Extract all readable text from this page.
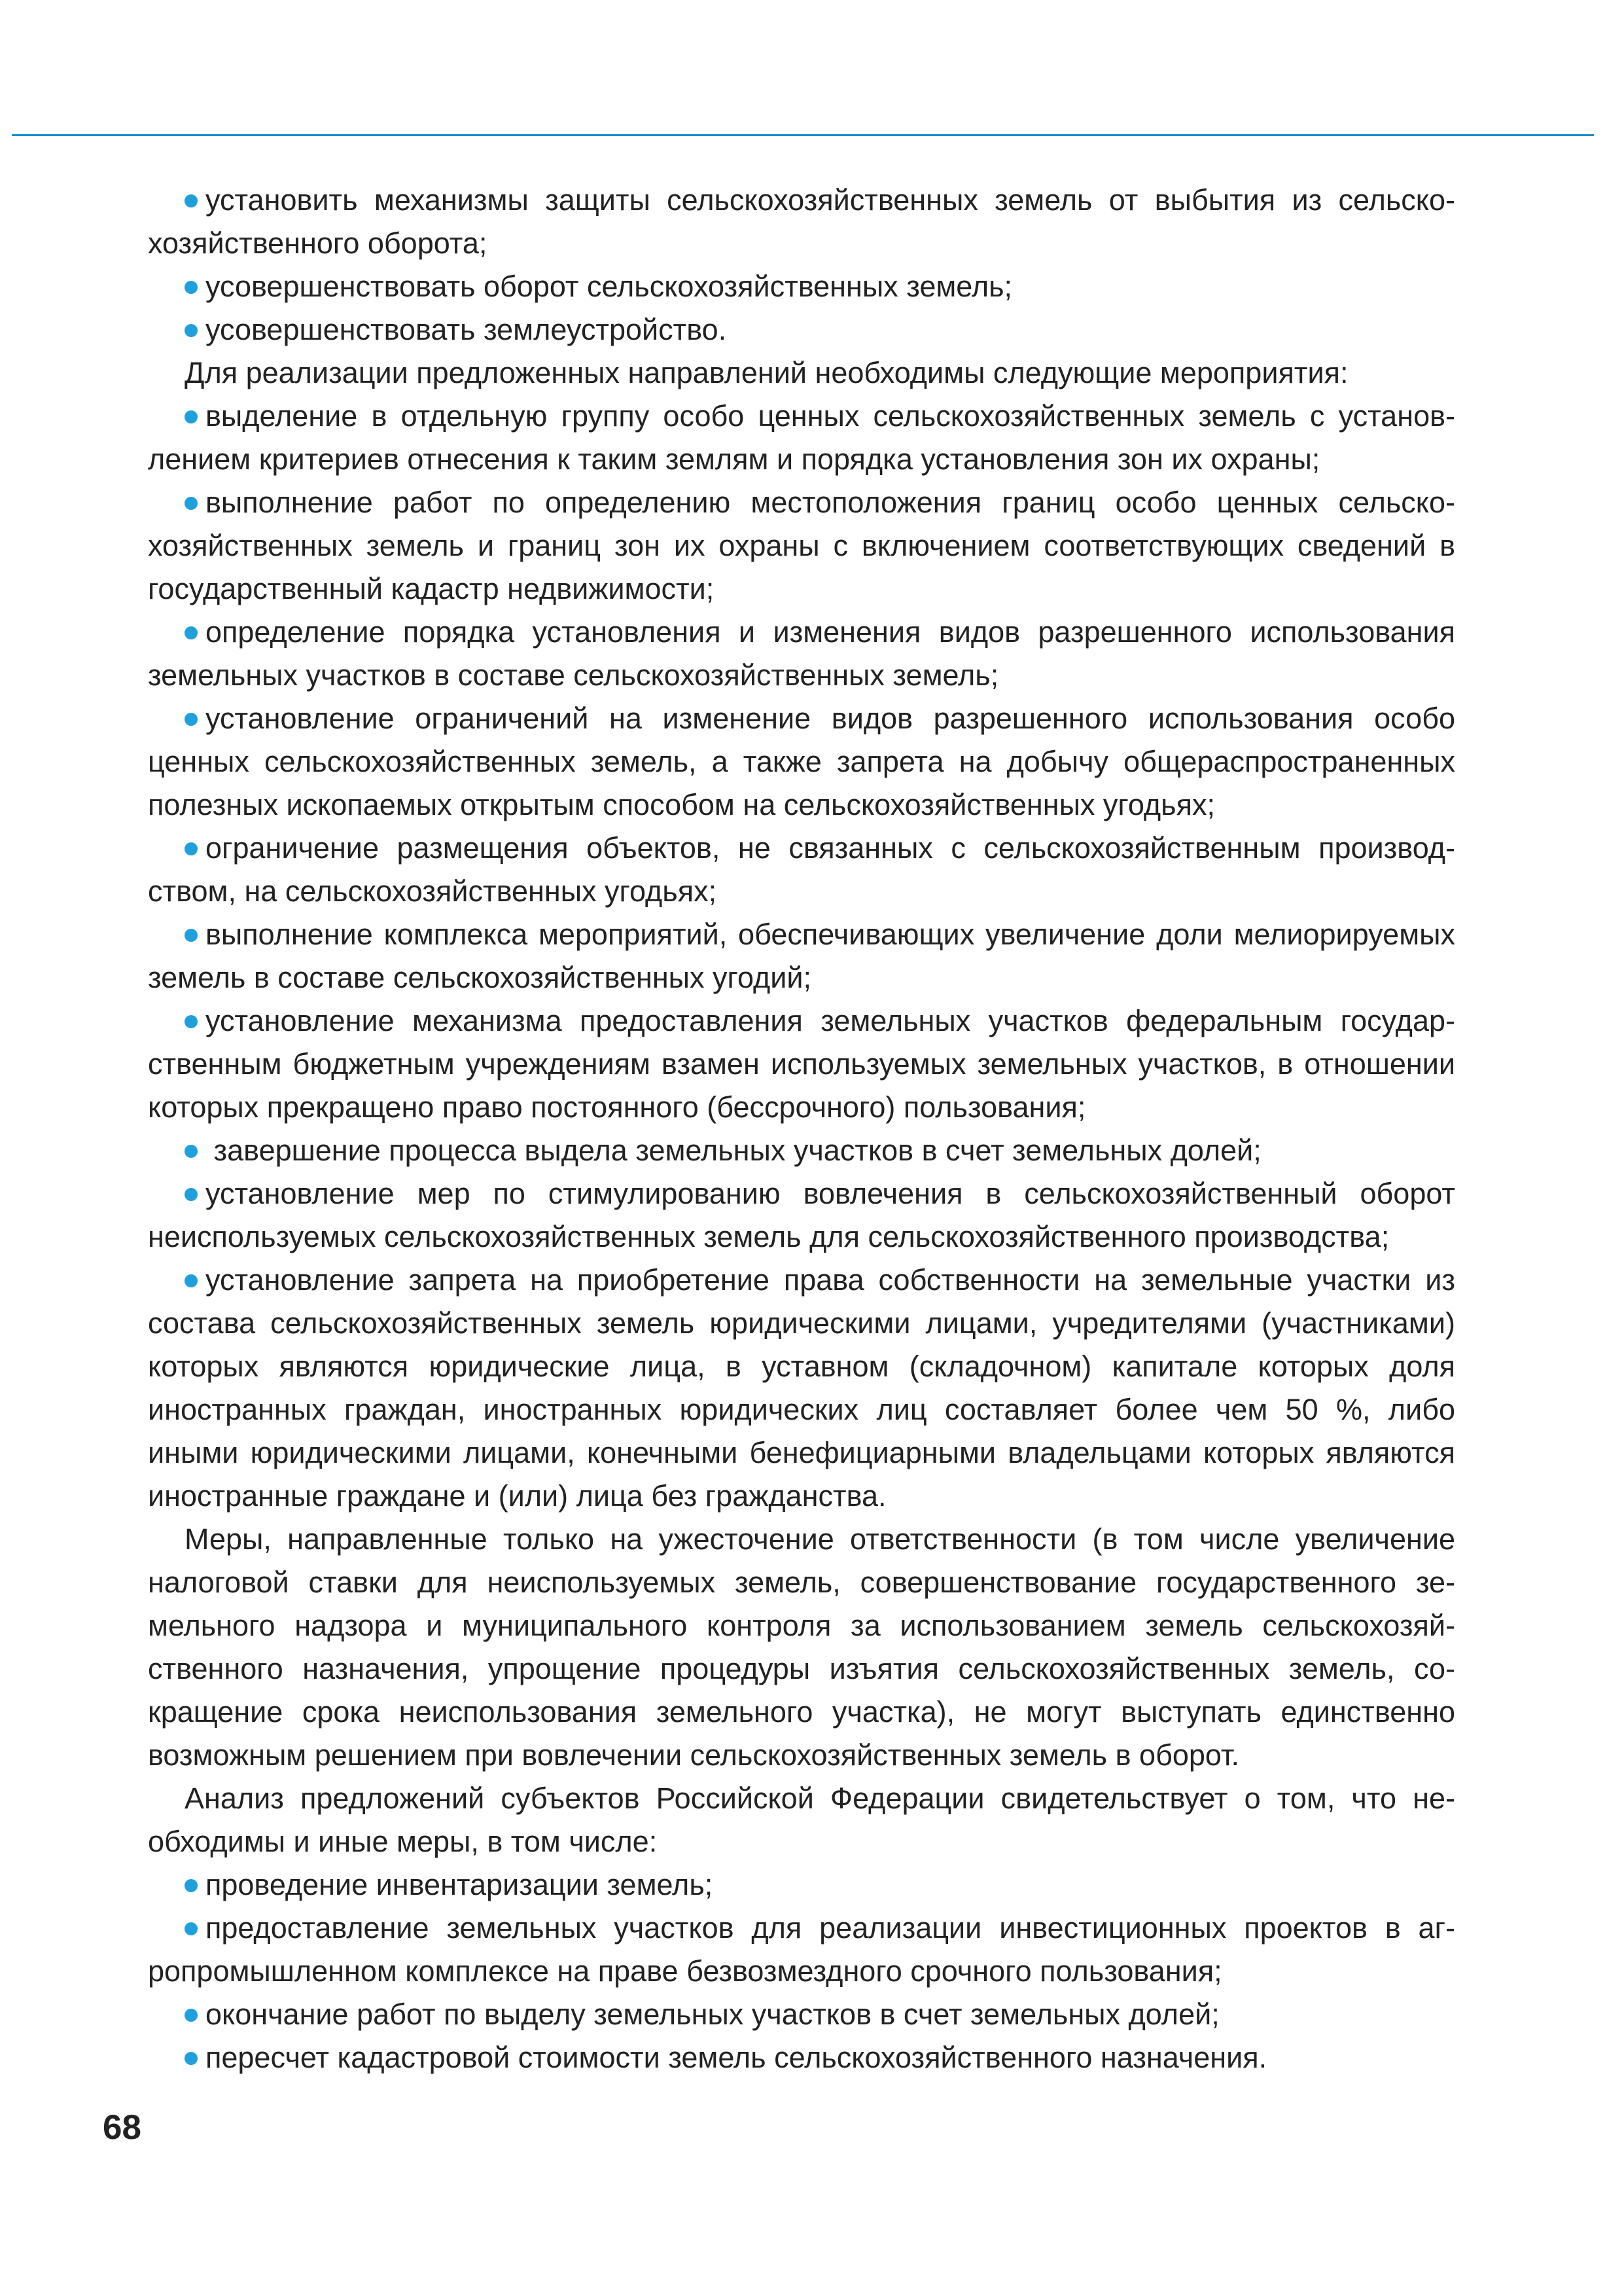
установить механизмы защиты сельскохозяйственных земель от выбытия из сельскохозяйственного оборота;

усовершенствовать оборот сельскохозяйственных земель;

усовершенствовать землеустройство.

Для реализации предложенных направлений необходимы следующие мероприятия:

выделение в отдельную группу особо ценных сельскохозяйственных земель с установлением критериев отнесения к таким землям и порядка установления зон их охраны;

выполнение работ по определению местоположения границ особо ценных сельскохозяйственных земель и границ зон их охраны с включением соответствующих сведений в государственный кадастр недвижимости;

определение порядка установления и изменения видов разрешенного использования земельных участков в составе сельскохозяйственных земель;

установление ограничений на изменение видов разрешенного использования особо ценных сельскохозяйственных земель, а также запрета на добычу общераспространенных полезных ископаемых открытым способом на сельскохозяйственных угодьях;

ограничение размещения объектов, не связанных с сельскохозяйственным производством, на сельскохозяйственных угодьях;

выполнение комплекса мероприятий, обеспечивающих увеличение доли мелиорируемых земель в составе сельскохозяйственных угодий;

установление механизма предоставления земельных участков федеральным государственным бюджетным учреждениям взамен используемых земельных участков, в отношении которых прекращено право постоянного (бессрочного) пользования;

завершение процесса выдела земельных участков в счет земельных долей;

установление мер по стимулированию вовлечения в сельскохозяйственный оборот неиспользуемых сельскохозяйственных земель для сельскохозяйственного производства;

установление запрета на приобретение права собственности на земельные участки из состава сельскохозяйственных земель юридическими лицами, учредителями (участниками) которых являются юридические лица, в уставном (складочном) капитале которых доля иностранных граждан, иностранных юридических лиц составляет более чем 50 %, либо иными юридическими лицами, конечными бенефициарными владельцами которых являются иностранные граждане и (или) лица без гражданства.

Меры, направленные только на ужесточение ответственности (в том числе увеличение налоговой ставки для неиспользуемых земель, совершенствование государственного земельного надзора и муниципального контроля за использованием земель сельскохозяйственного назначения, упрощение процедуры изъятия сельскохозяйственных земель, сокращение срока неиспользования земельного участка), не могут выступать единственно возможным решением при вовлечении сельскохозяйственных земель в оборот.

Анализ предложений субъектов Российской Федерации свидетельствует о том, что необходимы и иные меры, в том числе:

проведение инвентаризации земель;

предоставление земельных участков для реализации инвестиционных проектов в агропромышленном комплексе на праве безвозмездного срочного пользования;

окончание работ по выделу земельных участков в счет земельных долей;

пересчет кадастровой стоимости земель сельскохозяйственного назначения.

68
